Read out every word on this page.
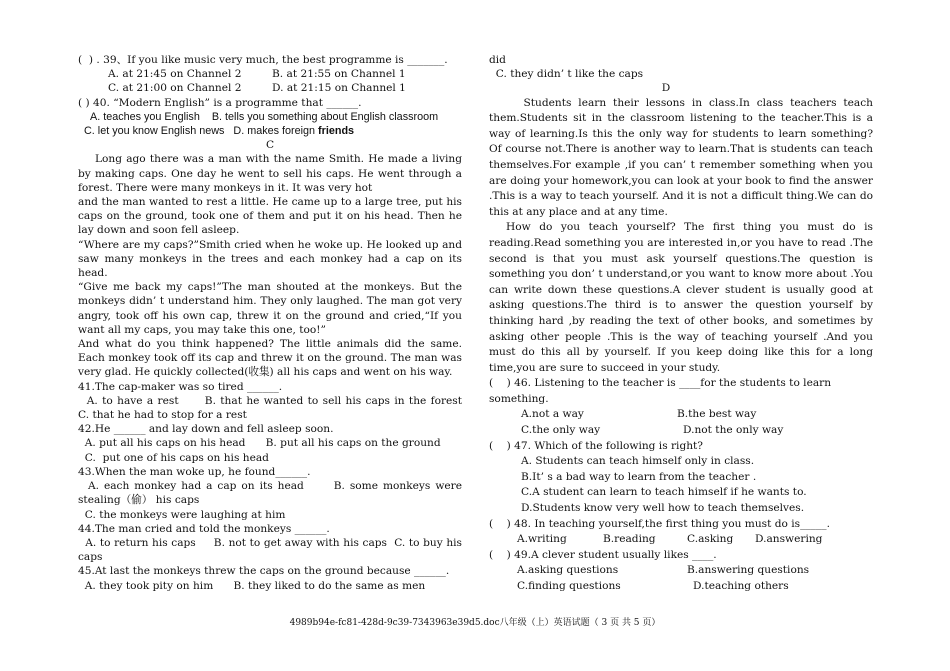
(  ) . 39、If you like music very much, the best programme is _______.

A. at 21:45 on Channel 2	B. at 21:55 on Channel 1
C. at 21:00 on Channel 2	D. at 21:15 on Channel 1

( ) 40. “Modern English” is a programme that ______.

A. teaches you English    B. tells you something about English classroom

C. let you know English news   D. makes foreign friends

C

Long ago there was a man with the name Smith. He made a living by making caps. One day he went to sell his caps. He went through a forest. There were many monkeys in it. It was very hot

and the man wanted to rest a little. He came up to a large tree, put his caps on the ground, took one of them and put it on his head. Then he lay down and soon fell asleep.

“Where are my caps?”Smith cried when he woke up. He looked up and saw many monkeys in the trees and each monkey had a cap on its head.

“Give me back my caps!”The man shouted at the monkeys. But the monkeys didn’ t understand him. They only laughed. The man got very angry, took off his own cap, threw it on the ground and cried,“If you want all my caps, you may take this one, too!”

And what do you think happened? The little animals did the same. Each monkey took off its cap and threw it on the ground. The man was very glad. He quickly collected(收集) all his caps and went on his way.

41.The cap-maker was so tired ______.

A. to have a rest      B. that he wanted to sell his caps in the forest      C. that he had to stop for a rest

42.He ______ and lay down and fell asleep soon.

A. put all his caps on his head      B. put all his caps on the ground

C.  put one of his caps on his head

43.When the man woke up, he found______.

A. each monkey had a cap on its head      B. some monkeys were stealing（偷） his caps

C. the monkeys were laughing at him

44.The man cried and told the monkeys ______.

A. to return his caps     B. not to get away with his caps  C. to buy his caps

45.At last the monkeys threw the caps on the ground because ______.

A. they took pity on him      B. they liked to do the same as men

did

C. they didn’ t like the caps

D

Students learn their lessons in class.In class teachers teach them.Students sit in the classroom listening to the teacher.This is a way of learning.Is this the only way for students to learn something? Of course not.There is another way to learn.That is students can teach themselves.For example ,if you can’ t remember something when you are doing your homework,you can look at your book to find the answer .This is a way to teach yourself. And it is not a difficult thing.We can do this at any place and at any time.

How do you teach yourself? The first thing you must do is reading.Read something you are interested in,or you have to read .The second is that you must ask yourself questions.The question is something you don’ t understand,or you want to know more about .You can write down these questions.A clever student is usually good at asking questions.The third is to answer the question yourself by thinking hard ,by reading the text of other books, and sometimes by asking other people .This is the way of teaching yourself .And you must do this all by yourself. If you keep doing like this for a long time,you are sure to succeed in your study.

(    ) 46. Listening to the teacher is ____for the students to learn something.

A.not a way	B.the best way
C.the only way	D.not the only way

(    ) 47. Which of the following is right?

A. Students can teach himself only in class.

B.It’ s a bad way to learn from the teacher .

C.A student can learn to teach himself if he wants to.

D.Students know very well how to teach themselves.

(    ) 48. In teaching yourself,the first thing you must do is_____.

A.writing	B.reading	C.asking	D.answering

(    ) 49.A clever student usually likes ____.

A.asking questions	B.answering questions
C.finding questions	D.teaching others
4989b94e-fc81-428d-9c39-7343963e39d5.doc八年级（上）英语试题（ 3 页 共 5 页）
